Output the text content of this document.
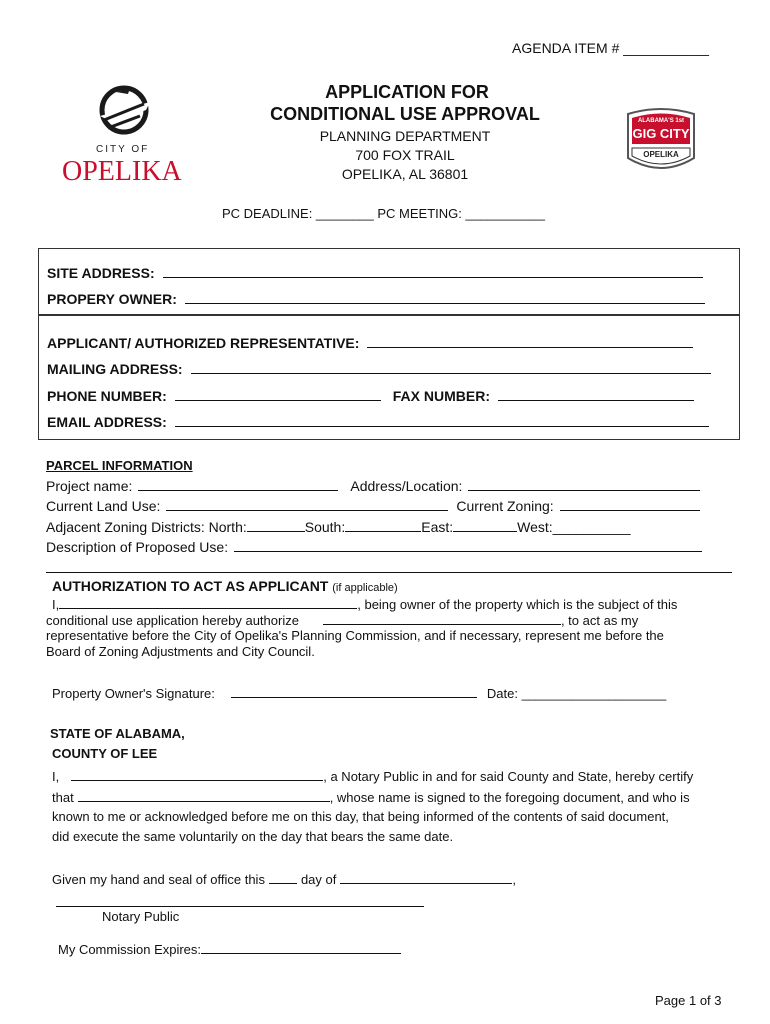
AGENDA ITEM # ___________
CITY OF
OPELIKA
ALABAMA'S 1st
GIG CITY
OPELIKA
APPLICATION FOR
CONDITIONAL USE APPROVAL
PLANNING DEPARTMENT
700 FOX TRAIL
OPELIKA, AL 36801
PC DEADLINE: ________ PC MEETING: ___________
SITE ADDRESS:
PROPERY OWNER:
APPLICANT/ AUTHORIZED REPRESENTATIVE:
MAILING ADDRESS:
PHONE NUMBER:	FAX NUMBER:
EMAIL ADDRESS:
PARCEL INFORMATION
Project name:	Address/Location:
Current Land Use:	Current Zoning:
Adjacent Zoning Districts: North:	South:	East:	West:__________
Description of Proposed Use:
AUTHORIZATION TO ACT AS APPLICANT (if applicable)
I,	, being owner of the property which is the subject of this
conditional use application hereby authorize	, to act as my
representative before the City of Opelika's Planning Commission, and if necessary, represent me before the
Board of Zoning Adjustments and City Council.
Property Owner's Signature:	Date: ____________________
STATE OF ALABAMA,
COUNTY OF LEE
I,	, a Notary Public in and for said County and State, hereby certify
that	, whose name is signed to the foregoing document, and who is
known to me or acknowledged before me on this day, that being informed of the contents of said document,
did execute the same voluntarily on the day that bears the same date.
Given my hand and seal of office this	day of	,
Notary Public
My Commission Expires:
Page 1 of 3
